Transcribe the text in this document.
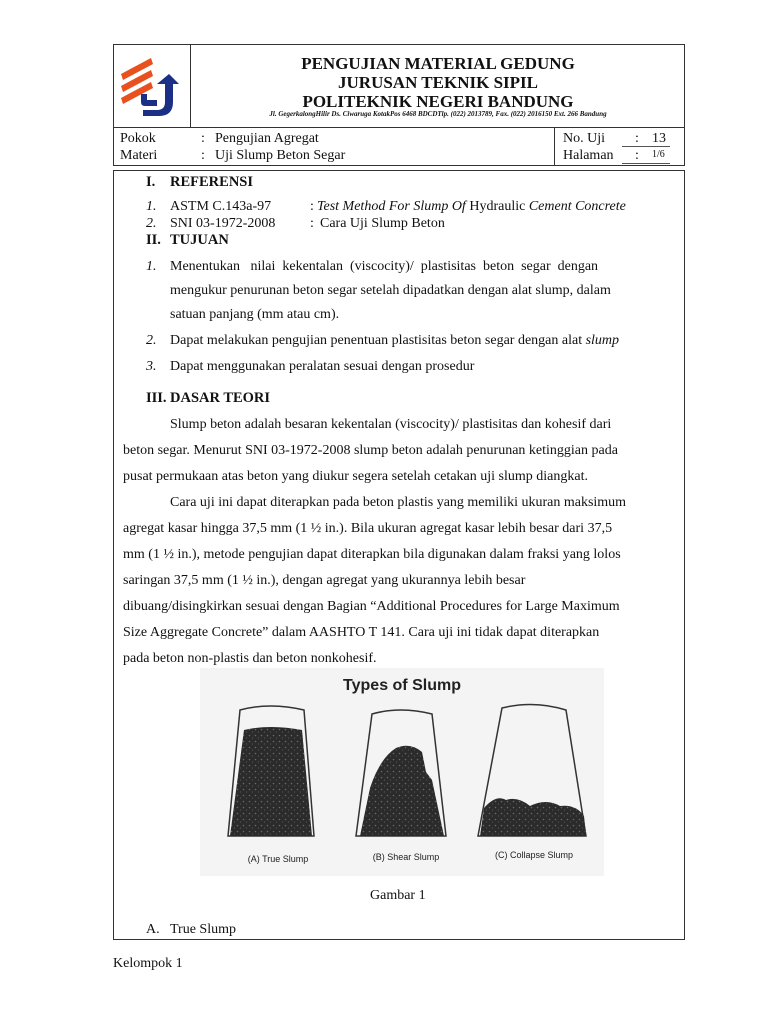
PENGUJIAN MATERIAL GEDUNG
JURUSAN TEKNIK SIPIL
POLITEKNIK NEGERI BANDUNG
Jl. GegerkalongHilir Ds. Ciwaruga KotakPos 6468 BDCDTlp. (022) 2013789, Fax. (022) 2016150 Ext. 266 Bandung
Pokok	: Pengujian Agregat
Materi	: Uji Slump Beton Segar
No. Uji : 13
Halaman : 1/6
I. REFERENSI
1. ASTM C.143a-97	: Test Method For Slump Of Hydraulic Cement Concrete
2. SNI 03-1972-2008 : Cara Uji Slump Beton
II. TUJUAN
1. Menentukan   nilai  kekentalan  (viscocity)/  plastisitas  beton  segar  dengan
mengukur penurunan beton segar setelah dipadatkan dengan alat slump, dalam
satuan panjang (mm atau cm).
2. Dapat melakukan pengujian penentuan plastisitas beton segar dengan alat slump
3. Dapat menggunakan peralatan sesuai dengan prosedur
III. DASAR TEORI
Slump beton adalah besaran kekentalan (viscocity)/ plastisitas dan kohesif dari
beton segar. Menurut SNI 03-1972-2008 slump beton adalah penurunan ketinggian pada
pusat permukaan atas beton yang diukur segera setelah cetakan uji slump diangkat.
Cara uji ini dapat diterapkan pada beton plastis yang memiliki ukuran maksimum
agregat kasar hingga 37,5 mm (1 ½ in.). Bila ukuran agregat kasar lebih besar dari 37,5
mm (1 ½ in.), metode pengujian dapat diterapkan bila digunakan dalam fraksi yang lolos
saringan 37,5 mm (1 ½ in.), dengan agregat yang ukurannya lebih besar
dibuang/disingkirkan sesuai dengan Bagian “Additional Procedures for Large Maximum
Size Aggregate Concrete” dalam AASHTO T 141. Cara uji ini tidak dapat diterapkan
pada beton non-plastis dan beton nonkohesif.
Types of Slump
(A) True Slump	(B) Shear Slump	(C) Collapse Slump
Gambar 1
A. True Slump
Kelompok 1
